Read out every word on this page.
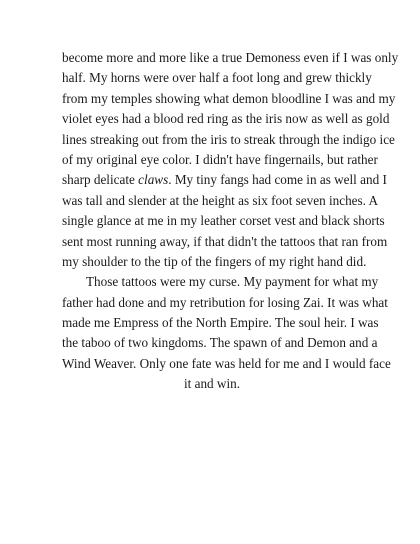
become more and more like a true Demoness even if I was only
half. My horns were over half a foot long and grew thickly
from my temples showing what demon bloodline I was and my
violet eyes had a blood red ring as the iris now as well as gold
lines streaking out from the iris to streak through the indigo ice
of my original eye color. I didn't have fingernails, but rather
sharp delicate claws. My tiny fangs had come in as well and I
was tall and slender at the height as six foot seven inches. A
single glance at me in my leather corset vest and black shorts
sent most running away, if that didn't the tattoos that ran from
my shoulder to the tip of the fingers of my right hand did.
Those tattoos were my curse. My payment for what my
father had done and my retribution for losing Zai. It was what
made me Empress of the North Empire. The soul heir. I was
the taboo of two kingdoms. The spawn of and Demon and a
Wind Weaver. Only one fate was held for me and I would face
it and win.
